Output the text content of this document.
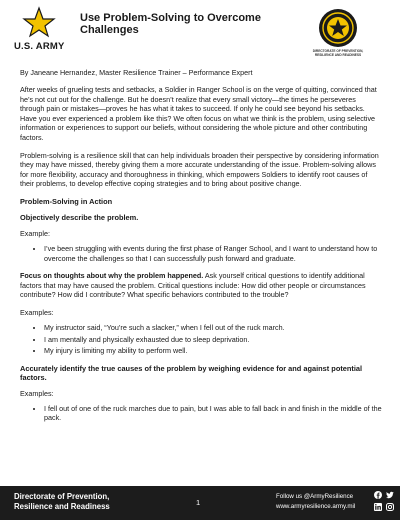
U.S. ARMY
Use Problem-Solving to Overcome Challenges
DIRECTORATE OF PREVENTION, RESILIENCE AND READINESS
By Janeane Hernandez, Master Resilience Trainer – Performance Expert

After weeks of grueling tests and setbacks, a Soldier in Ranger School is on the verge of quitting, convinced that he’s not cut out for the challenge. But he doesn’t realize that every small victory—the times he perseveres through pain or mistakes—proves he has what it takes to succeed. If only he could see beyond his setbacks. Have you ever experienced a problem like this? We often focus on what we think is the problem, using selective information or experiences to support our beliefs, without considering the whole picture and other contributing factors.

Problem-solving is a resilience skill that can help individuals broaden their perspective by considering information they may have missed, thereby giving them a more accurate understanding of the issue. Problem-solving allows for more flexibility, accuracy and thoroughness in thinking, which empowers Soldiers to identify root causes of their problems, to develop effective coping strategies and to bring about positive change.

Problem-Solving in Action
Objectively describe the problem.
Example:
• I’ve been struggling with events during the first phase of Ranger School, and I want to understand how to overcome the challenges so that I can successfully push forward and graduate.

Focus on thoughts about why the problem happened. Ask yourself critical questions to identify additional factors that may have caused the problem. Critical questions include: How did other people or circumstances contribute? How did I contribute? What specific behaviors contributed to the trouble?

Examples:
• My instructor said, “You’re such a slacker,” when I fell out of the ruck march.
• I am mentally and physically exhausted due to sleep deprivation.
• My injury is limiting my ability to perform well.
Accurately identify the true causes of the problem by weighing evidence for and against potential factors.
Examples:
• I fell out of one of the ruck marches due to pain, but I was able to fall back in and finish in the middle of the pack.
Directorate of Prevention,
Resilience and Readiness	1
Follow us @ArmyResilience
www.armyresilience.army.mil
